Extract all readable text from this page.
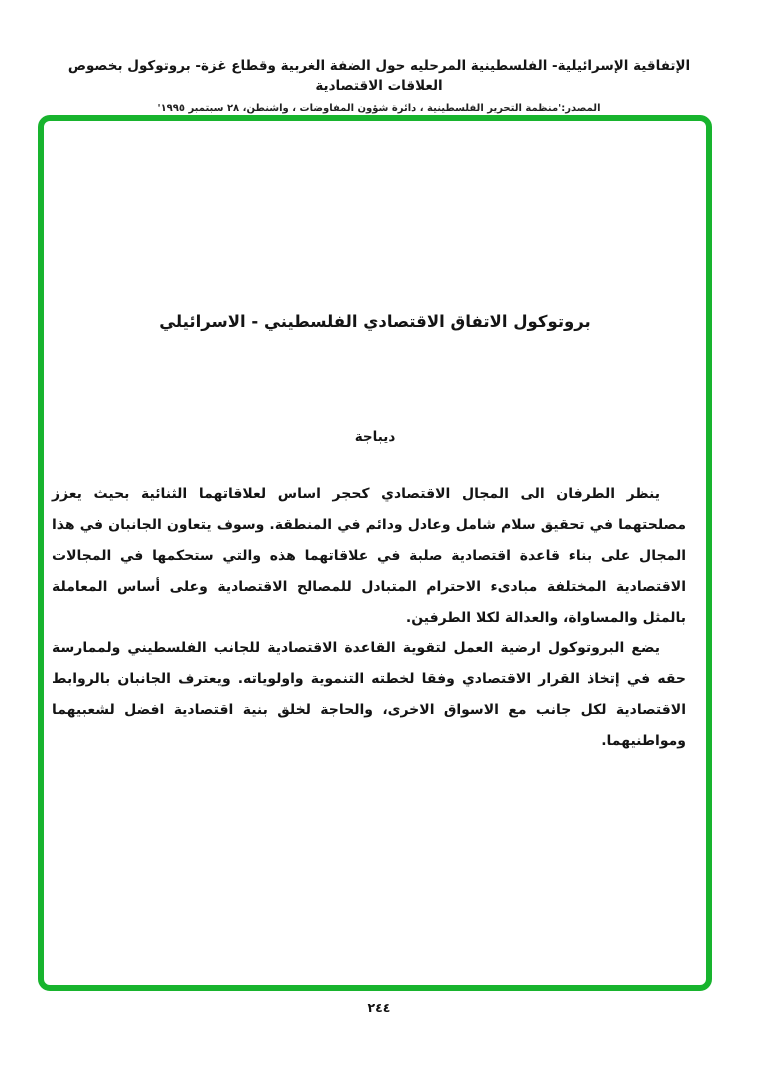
الإتفاقية الإسرائيلية- الفلسطينية المرحليه حول الضفة الغربية وقطاع غزة- بروتوكول بخصوص العلاقات الاقتصادية
المصدر:'منظمة التحرير الفلسطينية ، دائرة شؤون المفاوضات ، واشنطن، ٢٨ سبتمبر ١٩٩٥'
بروتوكول الاتفاق الاقتصادي الفلسطيني - الاسرائيلي
ديباجة

ينظر الطرفان الى المجال الاقتصادي كحجر اساس لعلاقاتهما الثنائية بحيث يعزز مصلحتهما في تحقيق سلام شامل وعادل ودائم في المنطقة. وسوف يتعاون الجانبان في هذا المجال على بناء قاعدة اقتصادية صلبة في علاقاتهما هذه والتي ستحكمها في المجالات الاقتصادية المختلفة مبادىء الاحترام المتبادل للمصالح الاقتصادية وعلى أساس المعاملة بالمثل والمساواة، والعدالة لكلا الطرفين.

يضع البروتوكول ارضية العمل لتقوية القاعدة الاقتصادية للجانب الفلسطيني ولممارسة حقه في إتخاذ القرار الاقتصادي وفقا لخطته التنموية واولوياته. ويعترف الجانبان بالروابط الاقتصادية لكل جانب مع الاسواق الاخرى، والحاجة لخلق بنية اقتصادية افضل لشعبيهما ومواطنيهما.

٢٤٤
